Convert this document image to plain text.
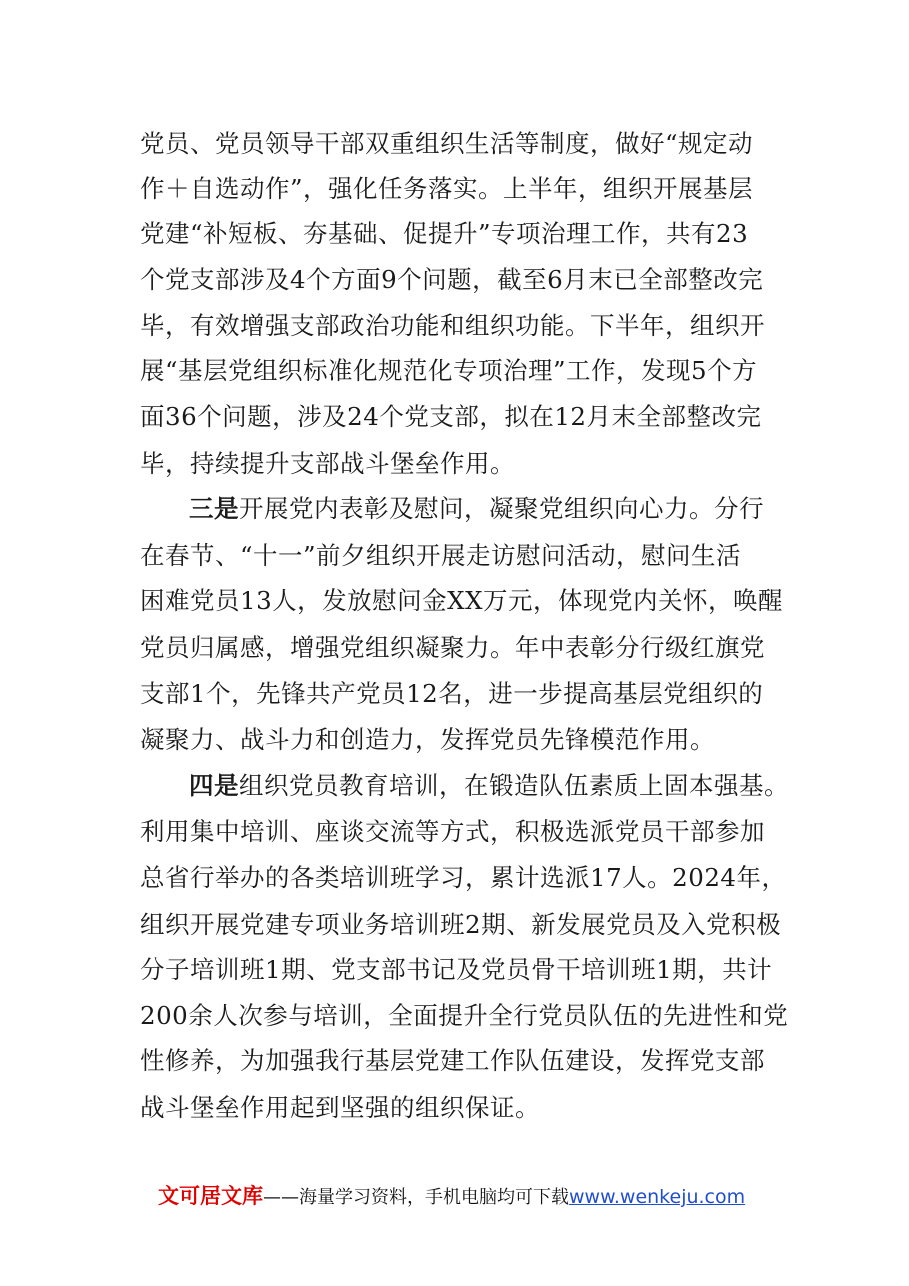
党员、党员领导干部双重组织生活等制度，做好“规定动
作＋自选动作”，强化任务落实。上半年，组织开展基层
党建“补短板、夯基础、促提升”专项治理工作，共有23
个党支部涉及4个方面9个问题，截至6月末已全部整改完
毕，有效增强支部政治功能和组织功能。下半年，组织开
展“基层党组织标准化规范化专项治理”工作，发现5个方
面36个问题，涉及24个党支部，拟在12月末全部整改完
毕，持续提升支部战斗堡垒作用。
三是开展党内表彰及慰问，凝聚党组织向心力。分行
在春节、“十一”前夕组织开展走访慰问活动，慰问生活
困难党员13人，发放慰问金XX万元，体现党内关怀，唤醒
党员归属感，增强党组织凝聚力。年中表彰分行级红旗党
支部1个，先锋共产党员12名，进一步提高基层党组织的
凝聚力、战斗力和创造力，发挥党员先锋模范作用。
四是组织党员教育培训，在锻造队伍素质上固本强基。
利用集中培训、座谈交流等方式，积极选派党员干部参加
总省行举办的各类培训班学习，累计选派17人。2024年，
组织开展党建专项业务培训班2期、新发展党员及入党积极
分子培训班1期、党支部书记及党员骨干培训班1期，共计
200余人次参与培训，全面提升全行党员队伍的先进性和党
性修养，为加强我行基层党建工作队伍建设，发挥党支部
战斗堡垒作用起到坚强的组织保证。
文可居文库——海量学习资料，手机电脑均可下载www.wenkeju.com
